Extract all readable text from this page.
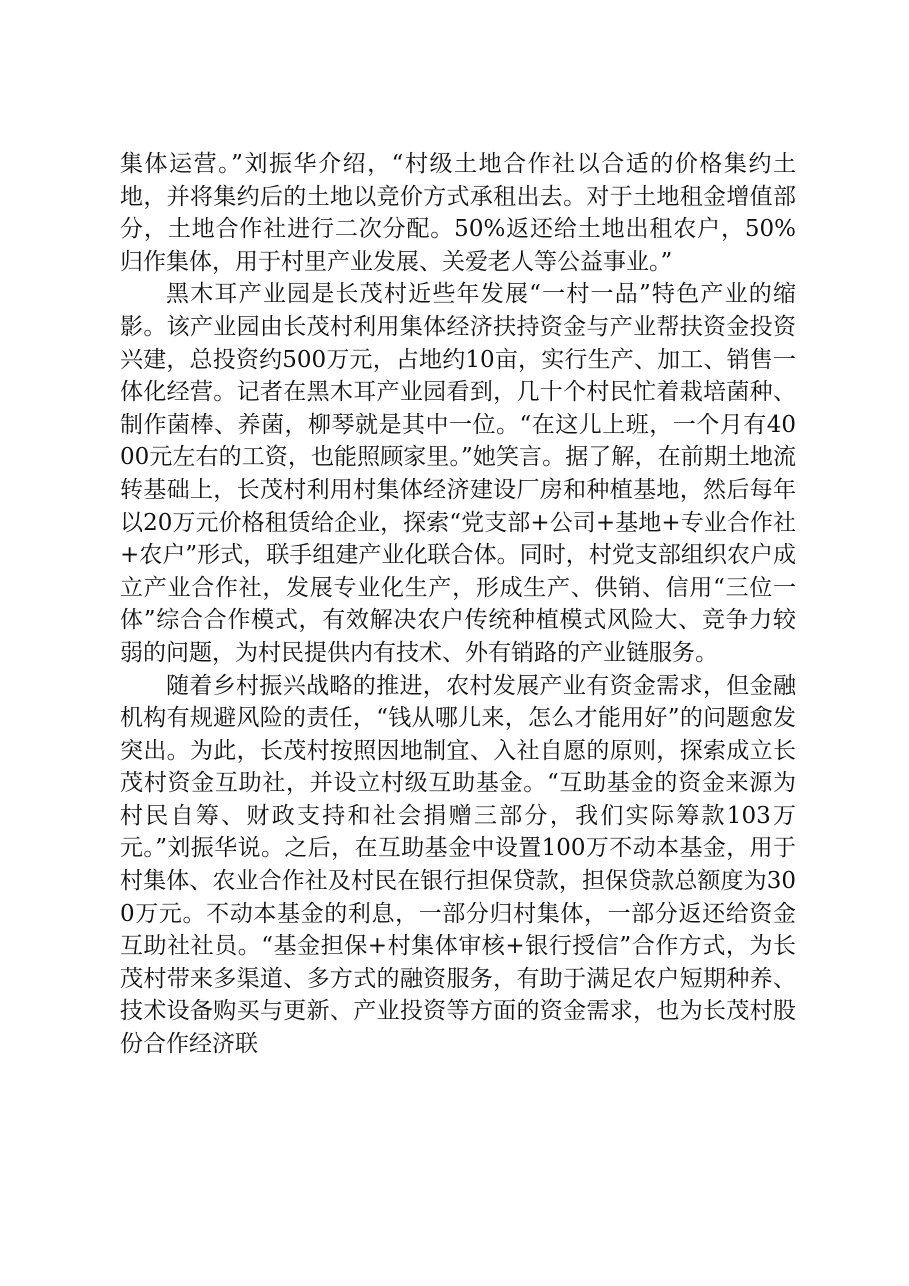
集体运营。”刘振华介绍，“村级土地合作社以合适的价格集约土地，并将集约后的土地以竞价方式承租出去。对于土地租金增值部分，土地合作社进行二次分配。50%返还给土地出租农户，50%归作集体，用于村里产业发展、关爱老人等公益事业。”

黑木耳产业园是长茂村近些年发展“一村一品”特色产业的缩影。该产业园由长茂村利用集体经济扶持资金与产业帮扶资金投资兴建，总投资约500万元，占地约10亩，实行生产、加工、销售一体化经营。记者在黑木耳产业园看到，几十个村民忙着栽培菌种、制作菌棒、养菌，柳琴就是其中一位。“在这儿上班，一个月有4000元左右的工资，也能照顾家里。”她笑言。据了解，在前期土地流转基础上，长茂村利用村集体经济建设厂房和种植基地，然后每年以20万元价格租赁给企业，探索“党支部+公司+基地+专业合作社+农户”形式，联手组建产业化联合体。同时，村党支部组织农户成立产业合作社，发展专业化生产，形成生产、供销、信用“三位一体”综合合作模式，有效解决农户传统种植模式风险大、竞争力较弱的问题，为村民提供内有技术、外有销路的产业链服务。

随着乡村振兴战略的推进，农村发展产业有资金需求，但金融机构有规避风险的责任，“钱从哪儿来，怎么才能用好”的问题愈发突出。为此，长茂村按照因地制宜、入社自愿的原则，探索成立长茂村资金互助社，并设立村级互助基金。“互助基金的资金来源为村民自筹、财政支持和社会捐赠三部分，我们实际筹款103万元。”刘振华说。之后，在互助基金中设置100万不动本基金，用于村集体、农业合作社及村民在银行担保贷款，担保贷款总额度为300万元。不动本基金的利息，一部分归村集体，一部分返还给资金互助社社员。“基金担保+村集体审核+银行授信”合作方式，为长茂村带来多渠道、多方式的融资服务，有助于满足农户短期种养、技术设备购买与更新、产业投资等方面的资金需求，也为长茂村股份合作经济联
